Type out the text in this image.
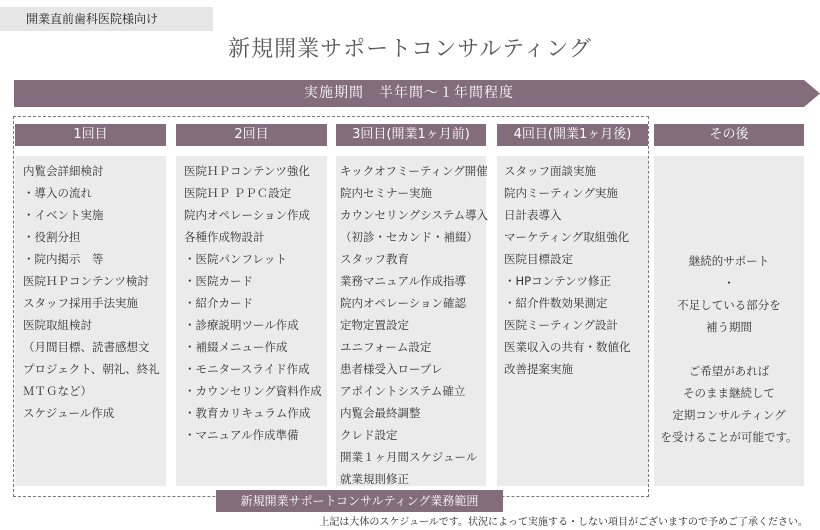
開業直前歯科医院様向け
新規開業サポートコンサルティング
実施期間　半年間～１年間程度
1回目
内覧会詳細検討
・導入の流れ
・イベント実施
・役割分担
・院内掲示　等
医院ＨＰコンテンツ検討
スタッフ採用手法実施
医院取組検討
（月間目標、読書感想文
プロジェクト、朝礼、終礼
ＭＴＧなど）
スケジュール作成
2回目
医院ＨＰコンテンツ強化
医院ＨＰ ＰＰＣ設定
院内オペレーション作成
各種作成物設計
・医院パンフレット
・医院カード
・紹介カード
・診療説明ツール作成
・補綴メニュー作成
・モニタースライド作成
・カウンセリング資料作成
・教育カリキュラム作成
・マニュアル作成準備
3回目(開業1ヶ月前)
キックオフミーティング開催
院内セミナー実施
カウンセリングシステム導入
（初診・セカンド・補綴）
スタッフ教育
業務マニュアル作成指導
院内オペレーション確認
定物定置設定
ユニフォーム設定
患者様受入ロープレ
アポイントシステム確立
内覧会最終調整
クレド設定
開業１ヶ月間スケジュール
就業規則修正
4回目(開業1ヶ月後)
スタッフ面談実施
院内ミーティング実施
日計表導入
マーケティング取組強化
医院目標設定
・HPコンテンツ修正
・紹介件数効果測定
医院ミーティング設計
医業収入の共有・数値化
改善提案実施
その後
継続的サポート
・
不足している部分を
補う期間
ご希望があれば
そのまま継続して
定期コンサルティング
を受けることが可能です。
新規開業サポートコンサルティング業務範囲
上記は大体のスケジュールです。状況によって実施する・しない項目がございますので予めご了承ください。
